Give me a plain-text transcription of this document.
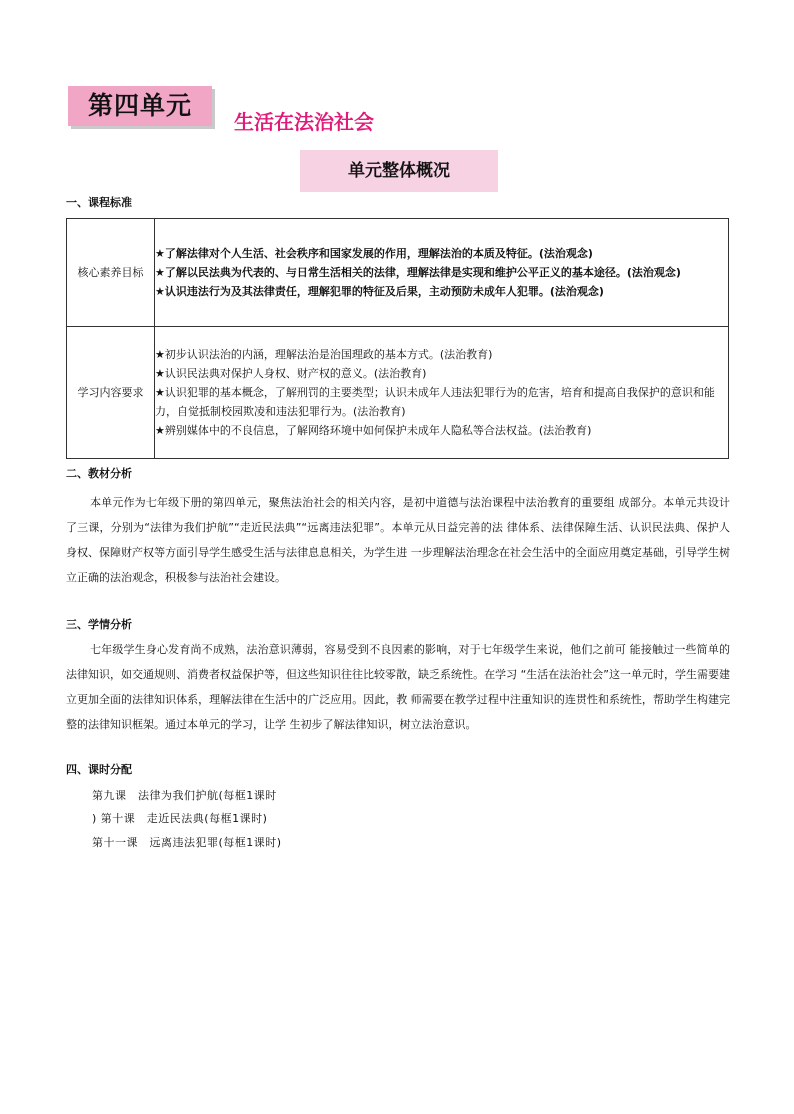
第四单元
生活在法治社会
单元整体概况
一、课程标准
核心素养目标	★了解法律对个人生活、社会秩序和国家发展的作用，理解法治的本质及特征。(法治观念)
★了解以民法典为代表的、与日常生活相关的法律，理解法律是实现和维护公平正义的基本途径。(法治观念)
★认识违法行为及其法律责任，理解犯罪的特征及后果，主动预防未成年人犯罪。(法治观念)

学习内容要求	★初步认识法治的内涵，理解法治是治国理政的基本方式。(法治教育)
★认识民法典对保护人身权、财产权的意义。(法治教育)
★认识犯罪的基本概念，了解刑罚的主要类型；认识未成年人违法犯罪行为的危害，培育和提高自我保护的意识和能力，自觉抵制校园欺凌和违法犯罪行为。(法治教育)
★辨别媒体中的不良信息，了解网络环境中如何保护未成年人隐私等合法权益。(法治教育)
二、教材分析
本单元作为七年级下册的第四单元，聚焦法治社会的相关内容，是初中道德与法治课程中法治教育的重要组 成部分。本单元共设计了三课，分别为“法律为我们护航”“走近民法典”“远离违法犯罪”。本单元从日益完善的法 律体系、法律保障生活、认识民法典、保护人身权、保障财产权等方面引导学生感受生活与法律息息相关，为学生进 一步理解法治理念在社会生活中的全面应用奠定基础，引导学生树立正确的法治观念，积极参与法治社会建设。
三、学情分析
七年级学生身心发育尚不成熟，法治意识薄弱，容易受到不良因素的影响，对于七年级学生来说，他们之前可 能接触过一些简单的法律知识，如交通规则、消费者权益保护等，但这些知识往往比较零散，缺乏系统性。在学习 “生活在法治社会”这一单元时，学生需要建立更加全面的法律知识体系，理解法律在生活中的广泛应用。因此，教 师需要在教学过程中注重知识的连贯性和系统性，帮助学生构建完整的法律知识框架。通过本单元的学习，让学 生初步了解法律知识，树立法治意识。
四、课时分配
第九课　法律为我们护航(每框1课时
) 第十课　走近民法典(每框1课时)
第十一课　远离违法犯罪(每框1课时)
